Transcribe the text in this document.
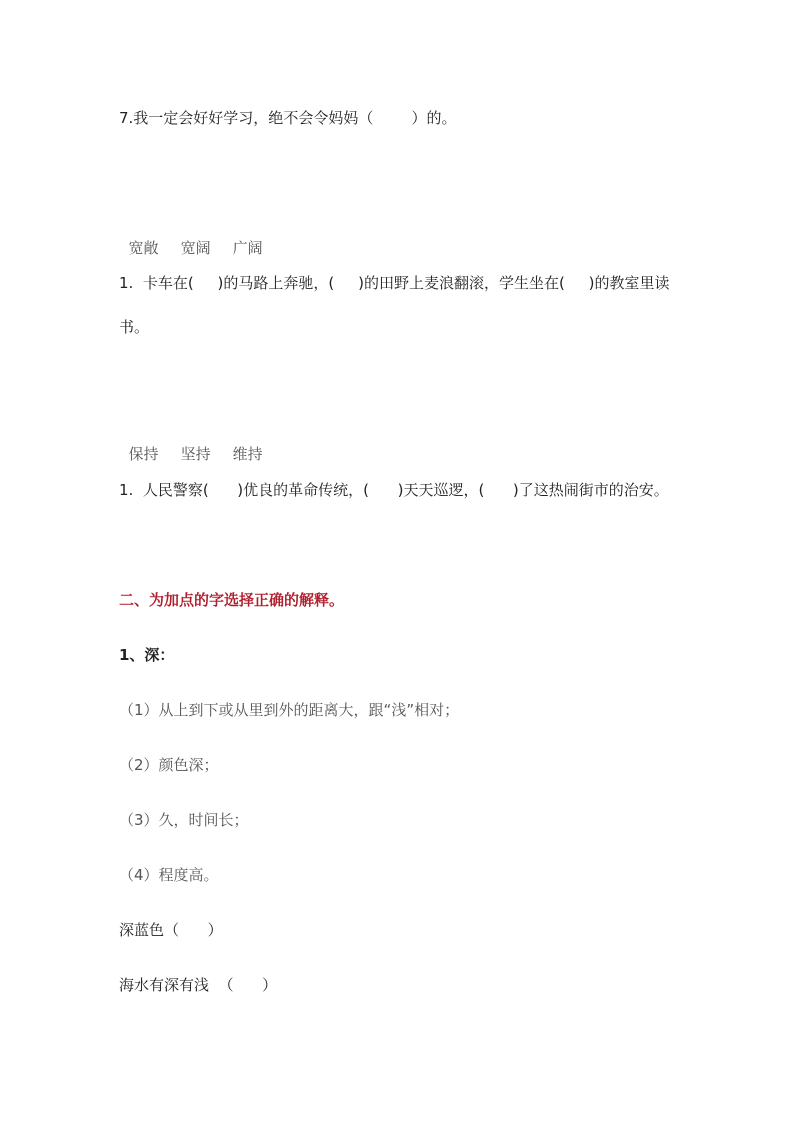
7.我一定会好好学习，绝不会令妈妈（        ）的。

宽敞 宽阔 广阔

1.  卡车在(     )的马路上奔驰，(     )的田野上麦浪翻滚，学生坐在(     )的教室里读
书。

保持 坚持 维持

1.  人民警察(      )优良的革命传统，(      )天天巡逻，(      )了这热闹街市的治安。
二、为加点的字选择正确的解释。
1、深：
（1）从上到下或从里到外的距离大，跟“浅”相对；
（2）颜色深；
（3）久，时间长；
（4）程度高。
深蓝色（      ）
海水有深有浅  （      ）
